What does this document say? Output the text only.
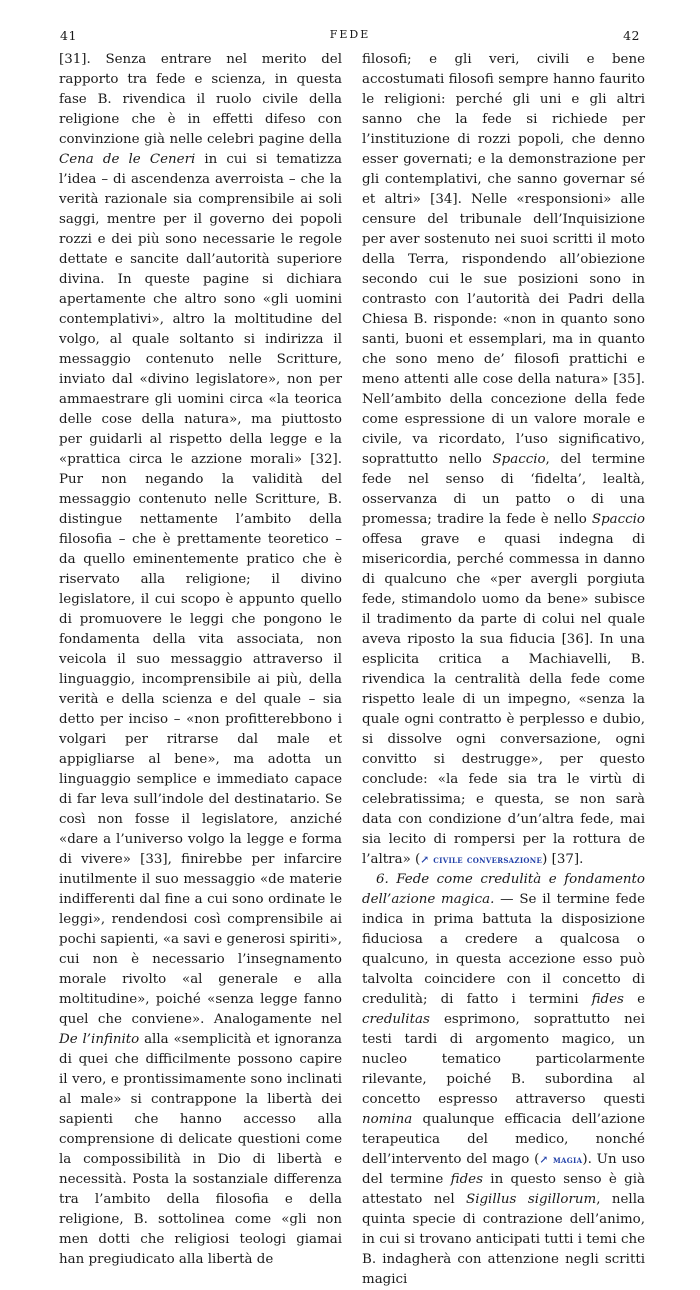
41	FEDE	42

[31]. Senza entrare nel merito del rapporto tra fede e scienza, in questa fase B. rivendica il ruolo civile della religione che è in effetti difeso con convinzione già nelle celebri pagine della Cena de le Ceneri in cui si tematizza l’idea – di ascendenza averroista – che la verità razionale sia comprensibile ai soli saggi, mentre per il governo dei popoli rozzi e dei più sono necessarie le regole dettate e sancite dall’autorità superiore divina. In queste pagine si dichiara apertamente che altro sono «gli uomini contemplativi», altro la moltitudine del volgo, al quale soltanto si indirizza il messaggio contenuto nelle Scritture, inviato dal «divino legislatore», non per ammaestrare gli uomini circa «la teorica delle cose della natura», ma piuttosto per guidarli al rispetto della legge e la «prattica circa le azzione morali» [32]. Pur non negando la validità del messaggio contenuto nelle Scritture, B. distingue nettamente l’ambito della filosofia – che è prettamente teoretico – da quello eminentemente pratico che è riservato alla religione; il divino legislatore, il cui scopo è appunto quello di promuovere le leggi che pongono le fondamenta della vita associata, non veicola il suo messaggio attraverso il linguaggio, incomprensibile ai più, della verità e della scienza e del quale – sia detto per inciso – «non profitterebbono i volgari per ritrarse dal male et appigliarse al bene», ma adotta un linguaggio semplice e immediato capace di far leva sull’indole del destinatario. Se così non fosse il legislatore, anziché «dare a l’universo volgo la legge e forma di vivere» [33], finirebbe per infarcire inutilmente il suo messaggio «de materie indifferenti dal fine a cui sono ordinate le leggi», rendendosi così comprensibile ai pochi sapienti, «a savi e generosi spiriti», cui non è necessario l’insegnamento morale rivolto «al generale e alla moltitudine», poiché «senza legge fanno quel che conviene». Analogamente nel De l’infinito alla «semplicità et ignoranza di quei che difficilmente possono capire il vero, e prontissimamente sono inclinati al male» si contrappone la libertà dei sapienti che hanno accesso alla comprensione di delicate questioni come la compossibilità in Dio di libertà e necessità. Posta la sostanziale differenza tra l’ambito della filosofia e della religione, B. sottolinea come «gli non men dotti che religiosi teologi giamai han pregiudicato alla libertà de

filosofi; e gli veri, civili e bene accostumati filosofi sempre hanno faurito le religioni: perché gli uni e gli altri sanno che la fede si richiede per l’instituzione di rozzi popoli, che denno esser governati; e la demonstrazione per gli contemplativi, che sanno governar sé et altri» [34]. Nelle «responsioni» alle censure del tribunale dell’Inquisizione per aver sostenuto nei suoi scritti il moto della Terra, rispondendo all’obiezione secondo cui le sue posizioni sono in contrasto con l’autorità dei Padri della Chiesa B. risponde: «non in quanto sono santi, buoni et essemplari, ma in quanto che sono meno de’ filosofi prattichi e meno attenti alle cose della natura» [35]. Nell’ambito della concezione della fede come espressione di un valore morale e civile, va ricordato, l’uso significativo, soprattutto nello Spaccio, del termine fede nel senso di ‘fidelta’, lealtà, osservanza di un patto o di una promessa; tradire la fede è nello Spaccio offesa grave e quasi indegna di misericordia, perché commessa in danno di qualcuno che «per avergli porgiuta fede, stimandolo uomo da bene» subisce il tradimento da parte di colui nel quale aveva riposto la sua fiducia [36]. In una esplicita critica a Machiavelli, B. rivendica la centralità della fede come rispetto leale di un impegno, «senza la quale ogni contratto è perplesso e dubio, si dissolve ogni conversazione, ogni convitto si destrugge», per questo conclude: «la fede sia tra le virtù di celebratissima; e questa, se non sarà data con condizione d’un’altra fede, mai sia lecito di rompersi per la rottura de l’altra» (↗ civile conversazione) [37].

6. Fede come credulità e fondamento dell’azione magica. — Se il termine fede indica in prima battuta la disposizione fiduciosa a credere a qualcosa o qualcuno, in questa accezione esso può talvolta coincidere con il concetto di credulità; di fatto i termini fides e credulitas esprimono, soprattutto nei testi tardi di argomento magico, un nucleo tematico particolarmente rilevante, poiché B. subordina al concetto espresso attraverso questi nomina qualunque efficacia dell’azione terapeutica del medico, nonché dell’intervento del mago (↗ magia). Un uso del termine fides in questo senso è già attestato nel Sigillus sigillorum, nella quinta specie di contrazione dell’animo, in cui si trovano anticipati tutti i temi che B. indagherà con attenzione negli scritti magici
